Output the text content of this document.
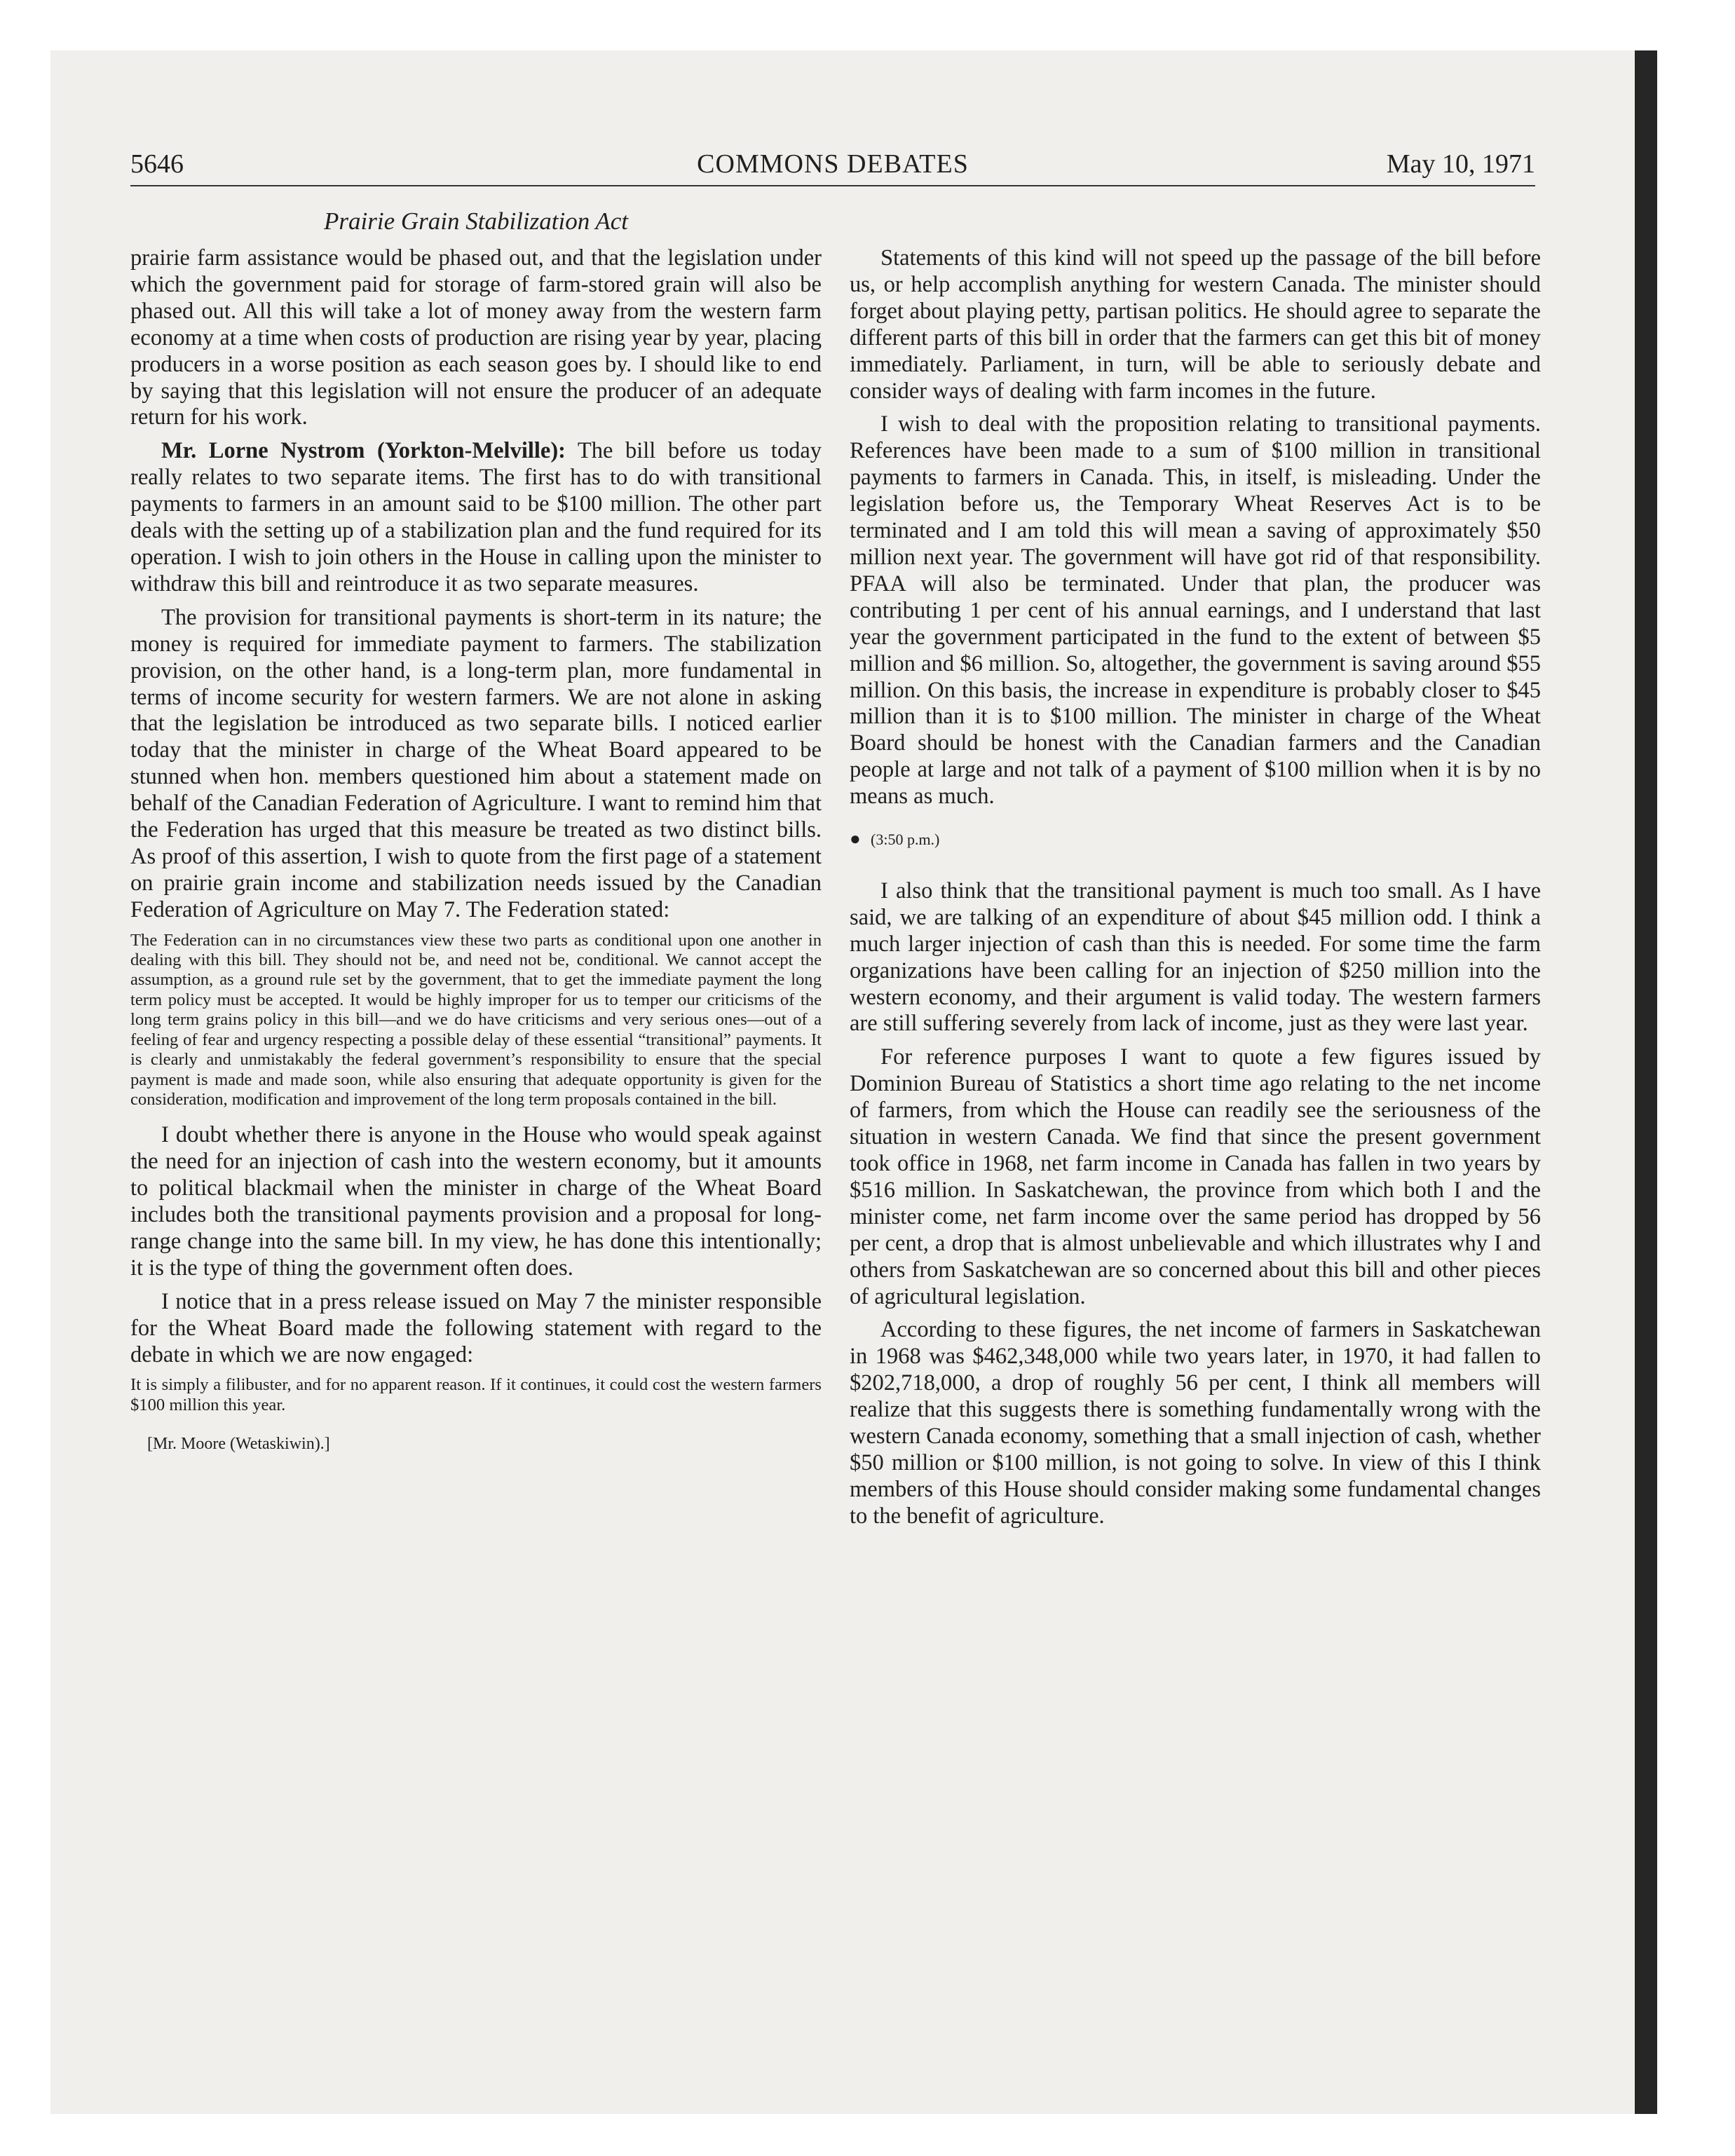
5646	COMMONS DEBATES	May 10, 1971
Prairie Grain Stabilization Act

prairie farm assistance would be phased out, and that the legislation under which the government paid for storage of farm-stored grain will also be phased out. All this will take a lot of money away from the western farm economy at a time when costs of production are rising year by year, placing producers in a worse position as each season goes by. I should like to end by saying that this legislation will not ensure the producer of an adequate return for his work.

Mr. Lorne Nystrom (Yorkton-Melville): The bill before us today really relates to two separate items. The first has to do with transitional payments to farmers in an amount said to be $100 million. The other part deals with the setting up of a stabilization plan and the fund required for its operation. I wish to join others in the House in calling upon the minister to withdraw this bill and reintroduce it as two separate measures.

The provision for transitional payments is short-term in its nature; the money is required for immediate payment to farmers. The stabilization provision, on the other hand, is a long-term plan, more fundamental in terms of income security for western farmers. We are not alone in asking that the legislation be introduced as two separate bills. I noticed earlier today that the minister in charge of the Wheat Board appeared to be stunned when hon. members questioned him about a statement made on behalf of the Canadian Federation of Agriculture. I want to remind him that the Federation has urged that this measure be treated as two distinct bills. As proof of this assertion, I wish to quote from the first page of a statement on prairie grain income and stabilization needs issued by the Canadian Federation of Agriculture on May 7. The Federation stated:

The Federation can in no circumstances view these two parts as conditional upon one another in dealing with this bill. They should not be, and need not be, conditional. We cannot accept the assumption, as a ground rule set by the government, that to get the immediate payment the long term policy must be accepted. It would be highly improper for us to temper our criticisms of the long term grains policy in this bill—and we do have criticisms and very serious ones—out of a feeling of fear and urgency respecting a possible delay of these essential “transitional” payments. It is clearly and unmistakably the federal government’s responsibility to ensure that the special payment is made and made soon, while also ensuring that adequate opportunity is given for the consideration, modification and improvement of the long term proposals contained in the bill.

I doubt whether there is anyone in the House who would speak against the need for an injection of cash into the western economy, but it amounts to political blackmail when the minister in charge of the Wheat Board includes both the transitional payments provision and a proposal for long-range change into the same bill. In my view, he has done this intentionally; it is the type of thing the government often does.

I notice that in a press release issued on May 7 the minister responsible for the Wheat Board made the following statement with regard to the debate in which we are now engaged:

It is simply a filibuster, and for no apparent reason. If it continues, it could cost the western farmers $100 million this year.
[Mr. Moore (Wetaskiwin).]

Statements of this kind will not speed up the passage of the bill before us, or help accomplish anything for western Canada. The minister should forget about playing petty, partisan politics. He should agree to separate the different parts of this bill in order that the farmers can get this bit of money immediately. Parliament, in turn, will be able to seriously debate and consider ways of dealing with farm incomes in the future.

I wish to deal with the proposition relating to transitional payments. References have been made to a sum of $100 million in transitional payments to farmers in Canada. This, in itself, is misleading. Under the legislation before us, the Temporary Wheat Reserves Act is to be terminated and I am told this will mean a saving of approximately $50 million next year. The government will have got rid of that responsibility. PFAA will also be terminated. Under that plan, the producer was contributing 1 per cent of his annual earnings, and I understand that last year the government participated in the fund to the extent of between $5 million and $6 million. So, altogether, the government is saving around $55 million. On this basis, the increase in expenditure is probably closer to $45 million than it is to $100 million. The minister in charge of the Wheat Board should be honest with the Canadian farmers and the Canadian people at large and not talk of a payment of $100 million when it is by no means as much.

● (3:50 p.m.)

I also think that the transitional payment is much too small. As I have said, we are talking of an expenditure of about $45 million odd. I think a much larger injection of cash than this is needed. For some time the farm organizations have been calling for an injection of $250 million into the western economy, and their argument is valid today. The western farmers are still suffering severely from lack of income, just as they were last year.

For reference purposes I want to quote a few figures issued by Dominion Bureau of Statistics a short time ago relating to the net income of farmers, from which the House can readily see the seriousness of the situation in western Canada. We find that since the present government took office in 1968, net farm income in Canada has fallen in two years by $516 million. In Saskatchewan, the province from which both I and the minister come, net farm income over the same period has dropped by 56 per cent, a drop that is almost unbelievable and which illustrates why I and others from Saskatchewan are so concerned about this bill and other pieces of agricultural legislation.

According to these figures, the net income of farmers in Saskatchewan in 1968 was $462,348,000 while two years later, in 1970, it had fallen to $202,718,000, a drop of roughly 56 per cent, I think all members will realize that this suggests there is something fundamentally wrong with the western Canada economy, something that a small injection of cash, whether $50 million or $100 million, is not going to solve. In view of this I think members of this House should consider making some fundamental changes to the benefit of agriculture.
